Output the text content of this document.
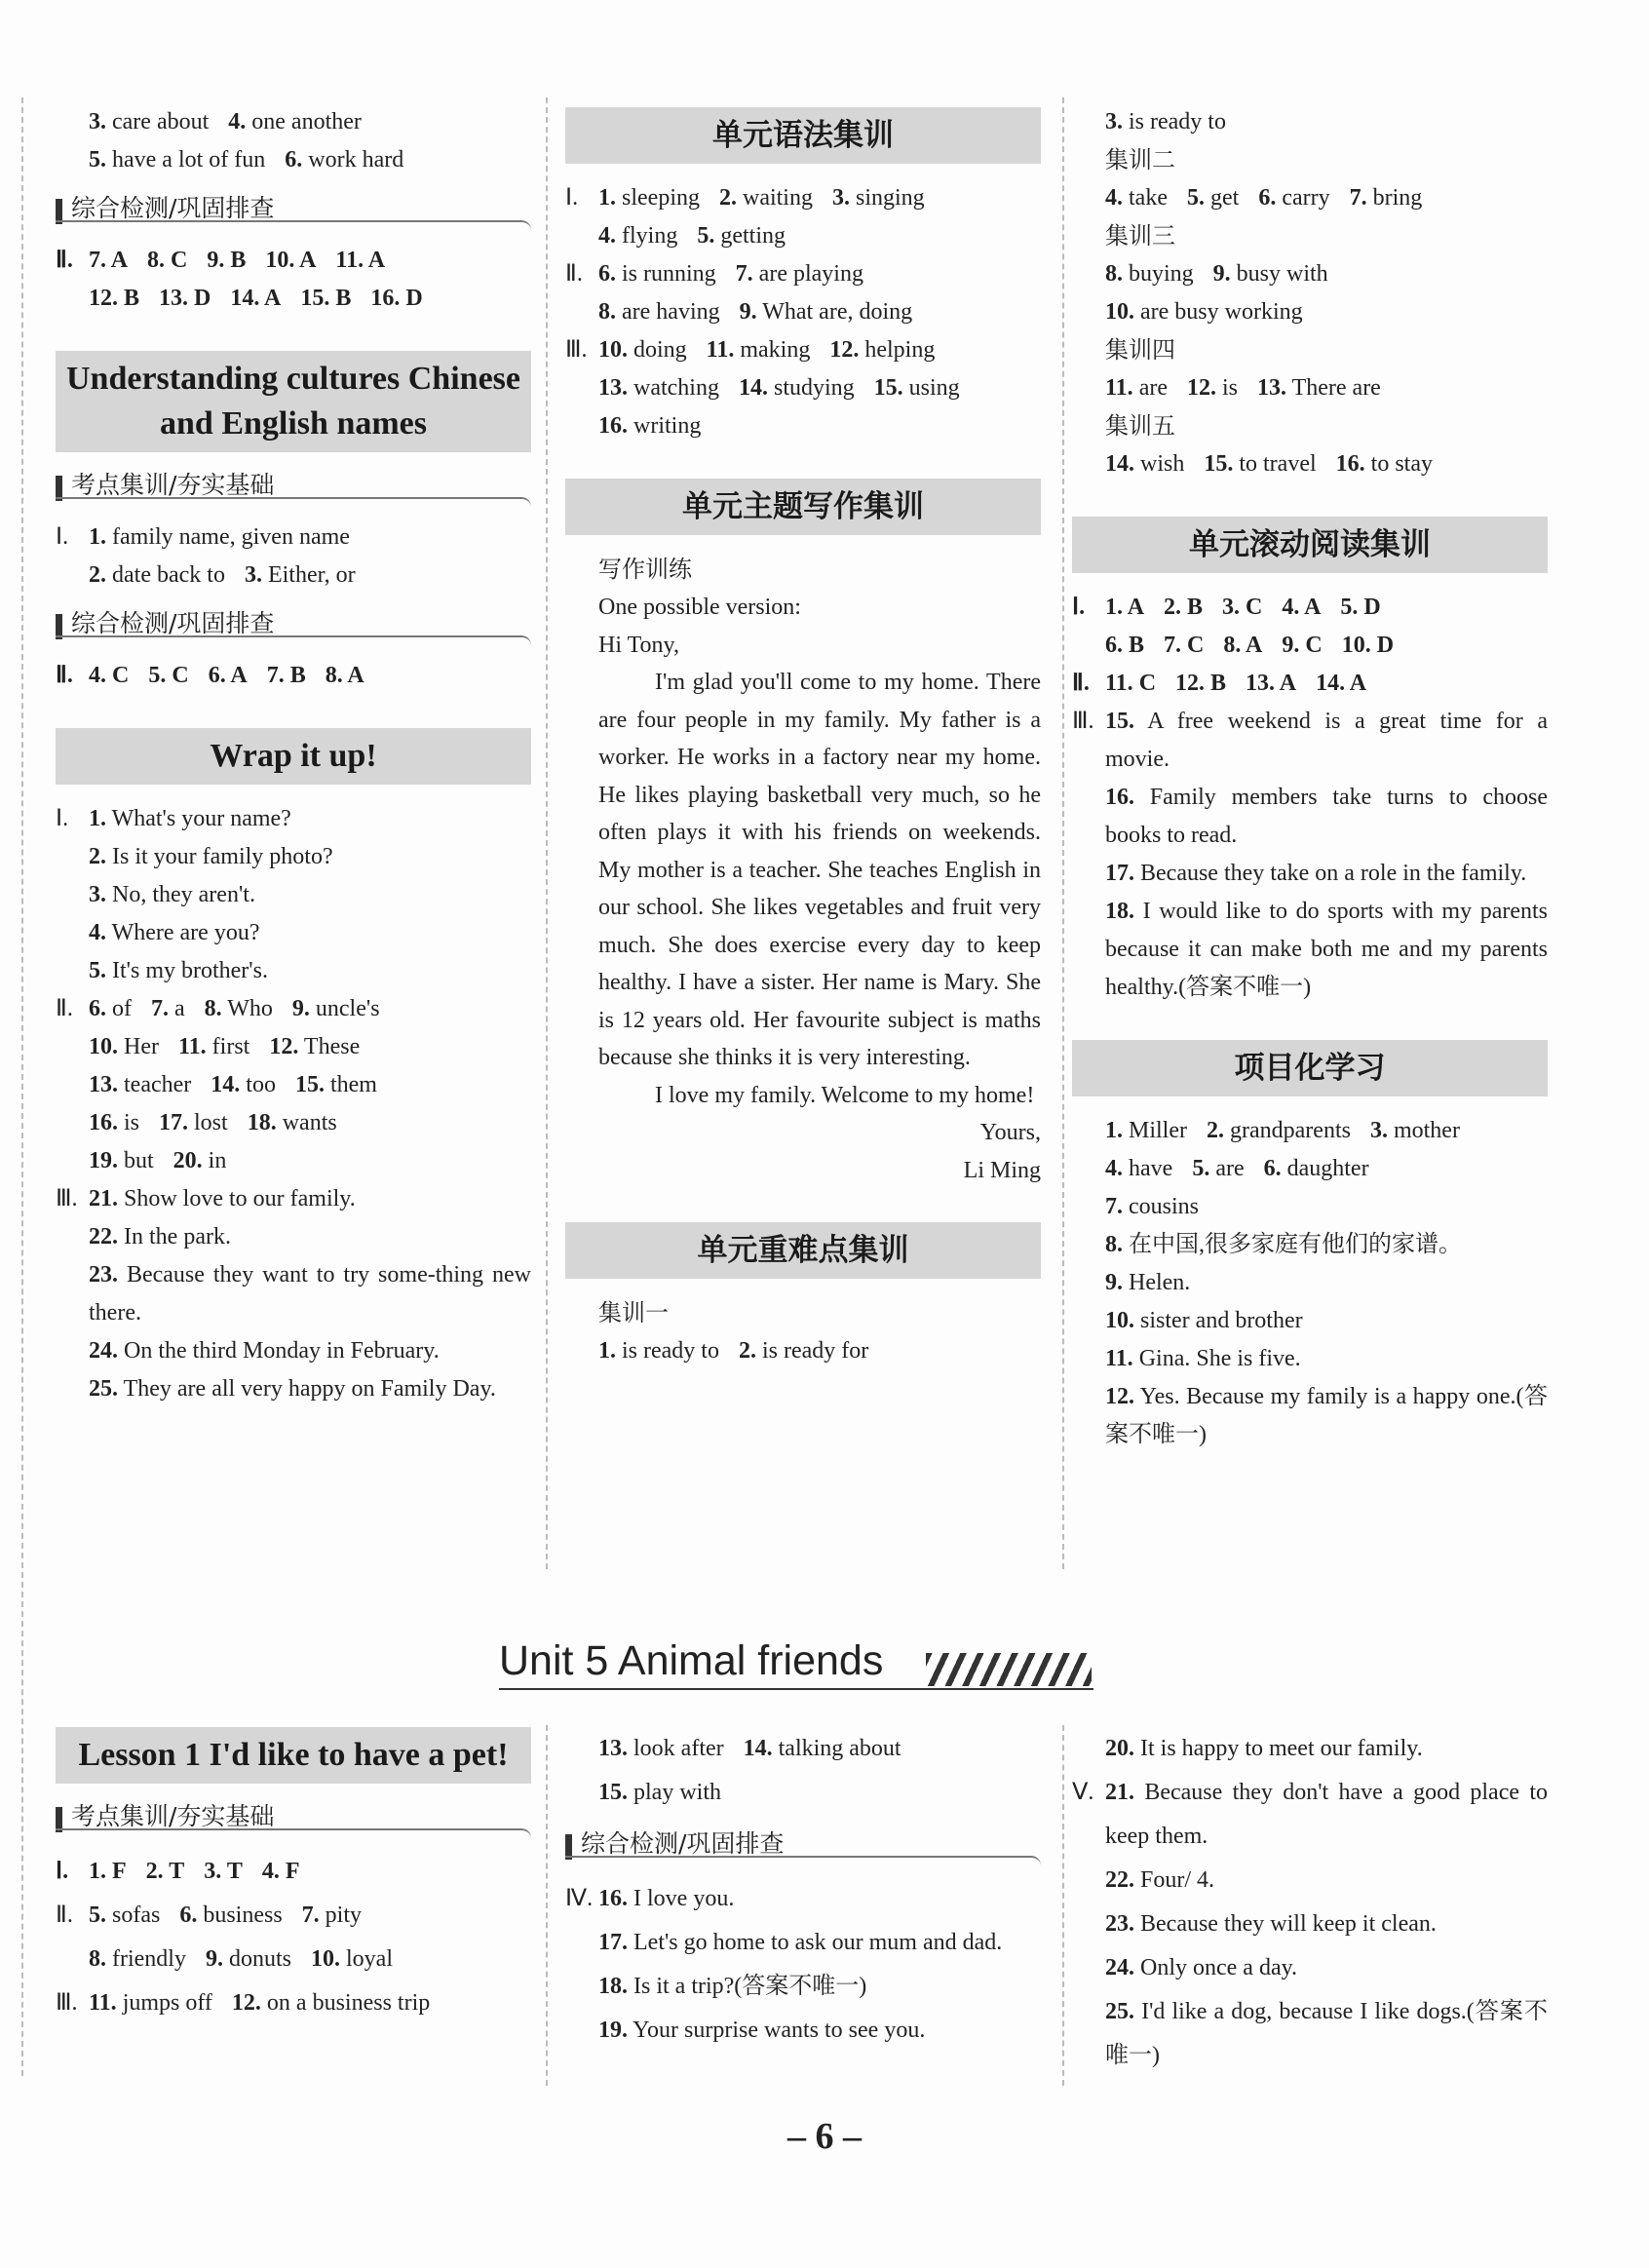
3. care about 4. one another
5. have a lot of fun 6. work hard
综合检测/巩固排查
Ⅱ. 7. A 8. C 9. B 10. A 11. A
12. B 13. D 14. A 15. B 16. D
Understanding cultures Chinese and English names
考点集训/夯实基础
Ⅰ. 1. family name, given name
2. date back to 3. Either, or
综合检测/巩固排查
Ⅱ. 4. C 5. C 6. A 7. B 8. A
Wrap it up!
Ⅰ. 1. What's your name?
2. Is it your family photo?
3. No, they aren't.
4. Where are you?
5. It's my brother's.
Ⅱ. 6. of 7. a 8. Who 9. uncle's
10. Her 11. first 12. These
13. teacher 14. too 15. them
16. is 17. lost 18. wants
19. but 20. in
Ⅲ. 21. Show love to our family.
22. In the park.
23. Because they want to try some-thing new there.
24. On the third Monday in February.
25. They are all very happy on Family Day.
单元语法集训
Ⅰ. 1. sleeping 2. waiting 3. singing
4. flying 5. getting
Ⅱ. 6. is running 7. are playing
8. are having 9. What are, doing
Ⅲ. 10. doing 11. making 12. helping
13. watching 14. studying 15. using
16. writing
单元主题写作集训
写作训练
One possible version:
Hi Tony,
I'm glad you'll come to my home. There are four people in my family. My father is a worker. He works in a factory near my home. He likes playing basketball very much, so he often plays it with his friends on weekends. My mother is a teacher. She teaches English in our school. She likes vegetables and fruit very much. She does exercise every day to keep healthy. I have a sister. Her name is Mary. She is 12 years old. Her favourite subject is maths because she thinks it is very interesting.
I love my family. Welcome to my home!
Yours,
Li Ming
单元重难点集训
集训一
1. is ready to 2. is ready for
3. is ready to
集训二
4. take 5. get 6. carry 7. bring
集训三
8. buying 9. busy with
10. are busy working
集训四
11. are 12. is 13. There are
集训五
14. wish 15. to travel 16. to stay
单元滚动阅读集训
Ⅰ. 1. A 2. B 3. C 4. A 5. D
6. B 7. C 8. A 9. C 10. D
Ⅱ. 11. C 12. B 13. A 14. A
Ⅲ. 15. A free weekend is a great time for a movie.
16. Family members take turns to choose books to read.
17. Because they take on a role in the family.
18. I would like to do sports with my parents because it can make both me and my parents healthy.(答案不唯一)
项目化学习
1. Miller 2. grandparents 3. mother
4. have 5. are 6. daughter
7. cousins
8. 在中国,很多家庭有他们的家谱。
9. Helen.
10. sister and brother
11. Gina. She is five.
12. Yes. Because my family is a happy one.(答案不唯一)
Unit 5 Animal friends
Lesson 1 I'd like to have a pet!
考点集训/夯实基础
Ⅰ. 1. F 2. T 3. T 4. F
Ⅱ. 5. sofas 6. business 7. pity
8. friendly 9. donuts 10. loyal
Ⅲ. 11. jumps off 12. on a business trip
13. look after 14. talking about
15. play with
综合检测/巩固排查
Ⅳ. 16. I love you.
17. Let's go home to ask our mum and dad.
18. Is it a trip?(答案不唯一)
19. Your surprise wants to see you.
20. It is happy to meet our family.
Ⅴ. 21. Because they don't have a good place to keep them.
22. Four/ 4.
23. Because they will keep it clean.
24. Only once a day.
25. I'd like a dog, because I like dogs.(答案不唯一)
– 6 –
